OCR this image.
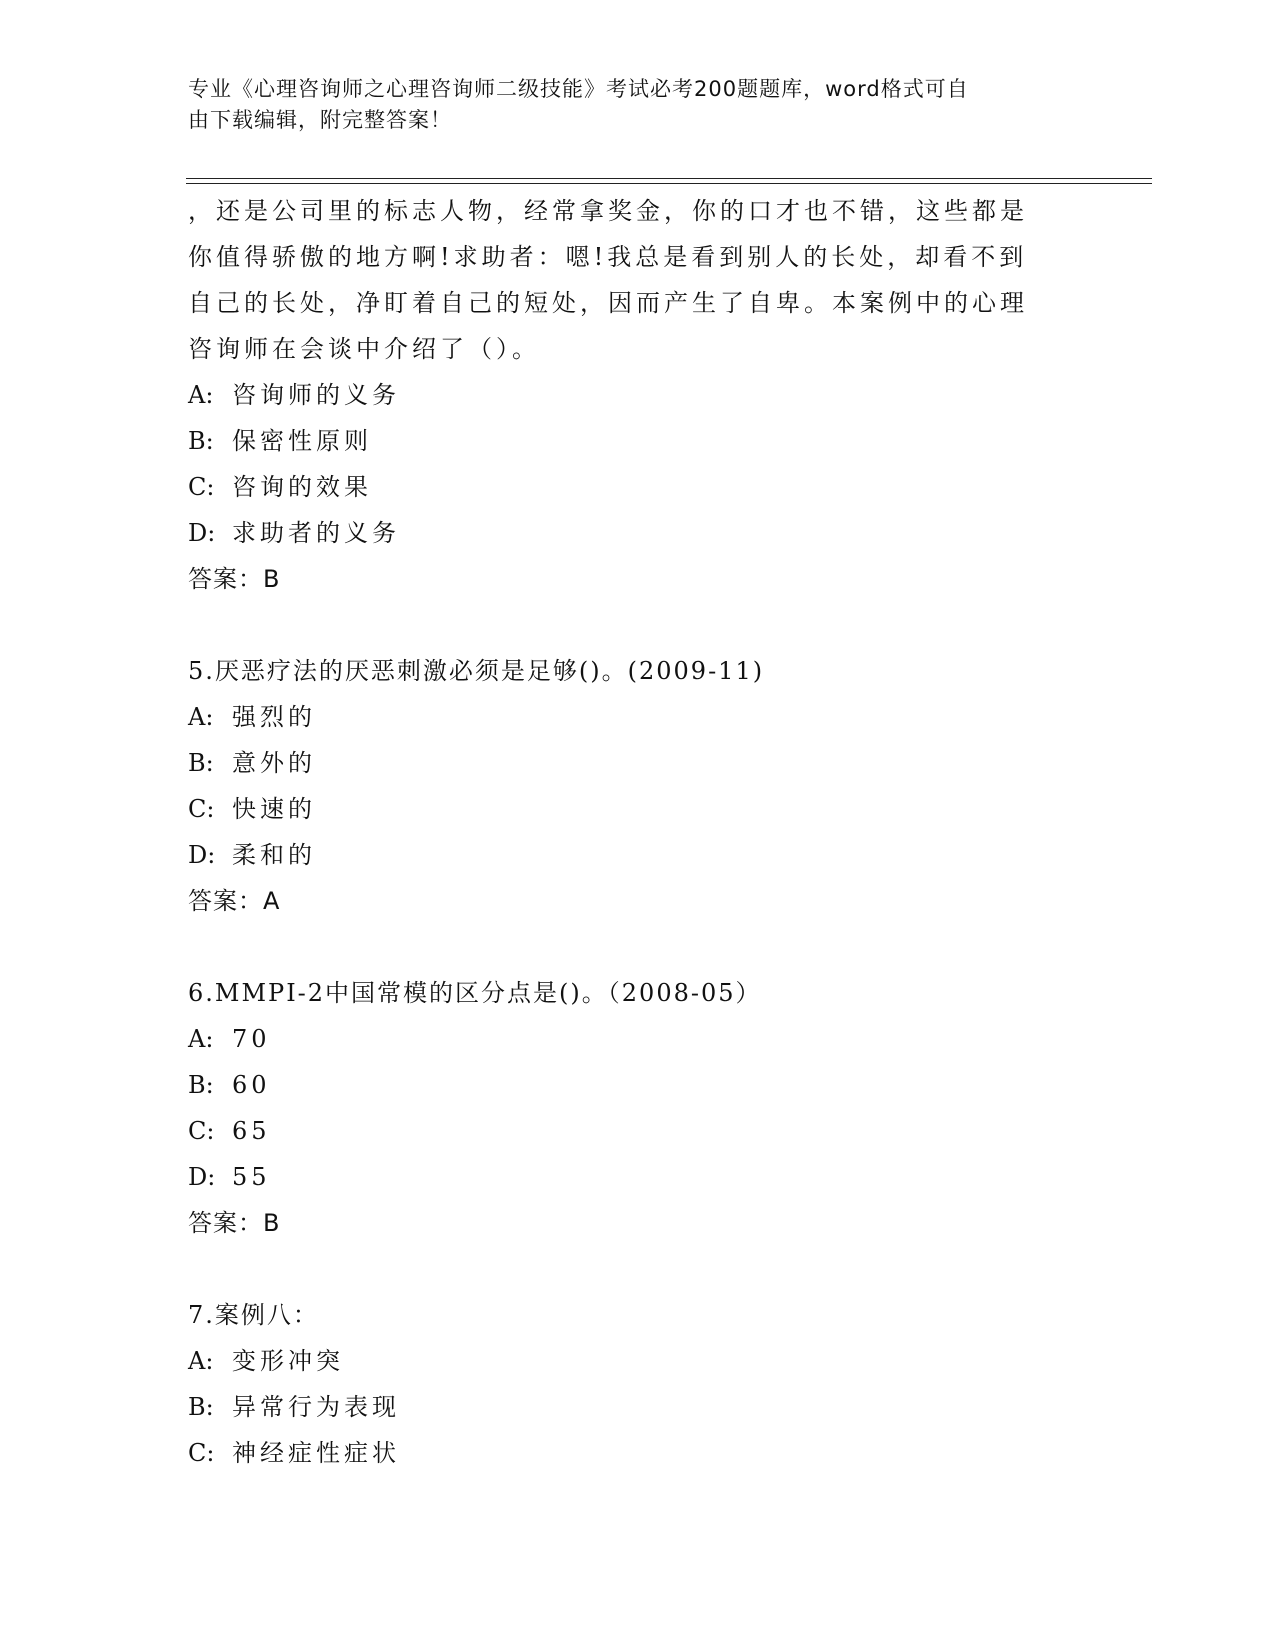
专业《心理咨询师之心理咨询师二级技能》考试必考200题题库，word格式可自
由下载编辑，附完整答案！
，还是公司里的标志人物，经常拿奖金，你的口才也不错，这些都是
你值得骄傲的地方啊!求助者：嗯!我总是看到别人的长处，却看不到
自己的长处，净盯着自己的短处，因而产生了自卑。本案例中的心理
咨询师在会谈中介绍了（）。
A: 咨询师的义务
B: 保密性原则
C: 咨询的效果
D: 求助者的义务
答案：B
5.厌恶疗法的厌恶刺激必须是足够()。(2009-11)
A: 强烈的
B: 意外的
C: 快速的
D: 柔和的
答案：A
6.MMPI-2中国常模的区分点是()。（2008-05）
A: 70
B: 60
C: 65
D: 55
答案：B
7.案例八：
A: 变形冲突
B: 异常行为表现
C: 神经症性症状
